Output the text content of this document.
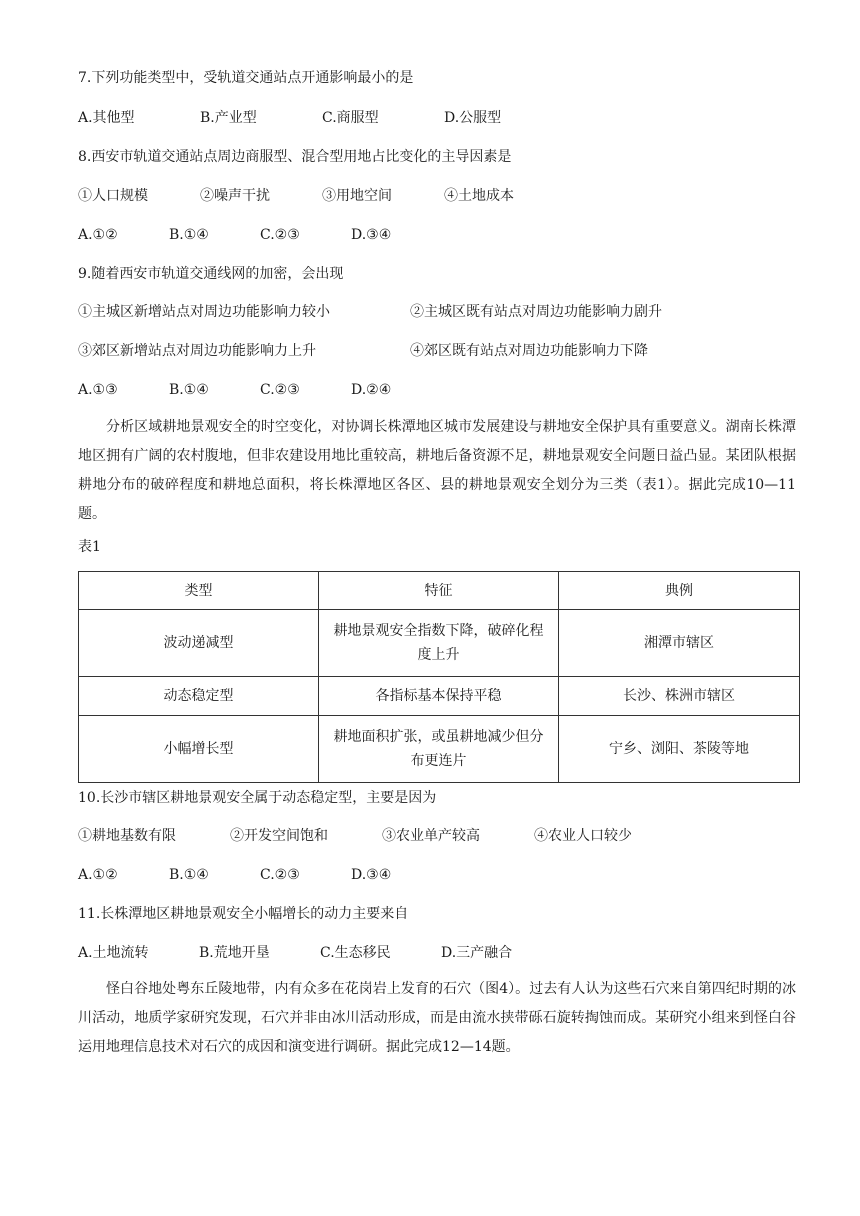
7.下列功能类型中，受轨道交通站点开通影响最小的是
A.其他型	B.产业型	C.商服型	D.公服型
8.西安市轨道交通站点周边商服型、混合型用地占比变化的主导因素是
①人口规模	②噪声干扰	③用地空间	④土地成本
A.①②	B.①④	C.②③	D.③④
9.随着西安市轨道交通线网的加密，会出现
①主城区新增站点对周边功能影响力较小	②主城区既有站点对周边功能影响力剧升
③郊区新增站点对周边功能影响力上升	④郊区既有站点对周边功能影响力下降
A.①③	B.①④	C.②③	D.②④

分析区域耕地景观安全的时空变化，对协调长株潭地区城市发展建设与耕地安全保护具有重要意义。湖南长株潭地区拥有广阔的农村腹地，但非农建设用地比重较高，耕地后备资源不足，耕地景观安全问题日益凸显。某团队根据耕地分布的破碎程度和耕地总面积，将长株潭地区各区、县的耕地景观安全划分为三类（表1）。据此完成10—11题。

表1
类型	特征	典例
波动递减型	耕地景观安全指数下降，破碎化程度上升	湘潭市辖区
动态稳定型	各指标基本保持平稳	长沙、株洲市辖区
小幅增长型	耕地面积扩张，或虽耕地减少但分布更连片	宁乡、浏阳、茶陵等地
10.长沙市辖区耕地景观安全属于动态稳定型，主要是因为
①耕地基数有限	②开发空间饱和	③农业单产较高	④农业人口较少
A.①②	B.①④	C.②③	D.③④
11.长株潭地区耕地景观安全小幅增长的动力主要来自
A.土地流转	B.荒地开垦	C.生态移民	D.三产融合

怪白谷地处粤东丘陵地带，内有众多在花岗岩上发育的石穴（图4）。过去有人认为这些石穴来自第四纪时期的冰川活动，地质学家研究发现，石穴并非由冰川活动形成，而是由流水挟带砾石旋转掏蚀而成。某研究小组来到怪白谷运用地理信息技术对石穴的成因和演变进行调研。据此完成12—14题。
